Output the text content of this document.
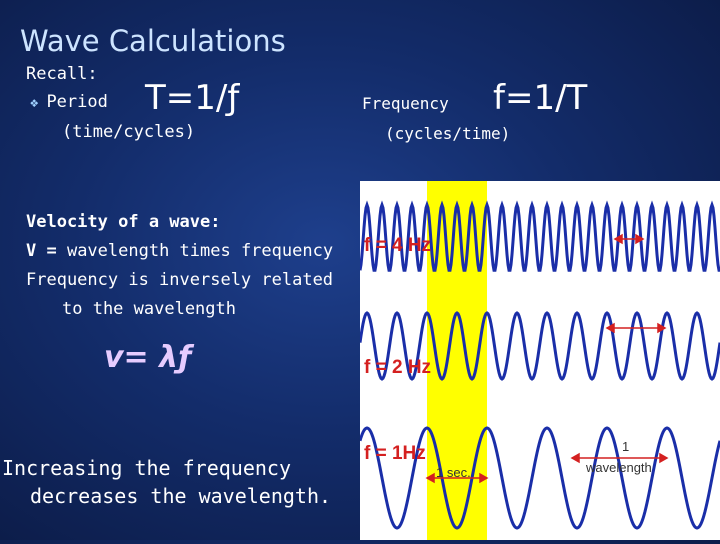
Wave Calculations
Recall:
❖ Period T=1/ƒ
(time/cycles)
Frequency f=1/T
(cycles/time)
Velocity of a wave:
V = wavelength times frequency
Frequency is inversely related
to the wavelength
v= λƒ
Increasing the frequency
decreases the wavelength.
f = 4 Hz
f = 2 Hz
f = 1Hz
1 sec.
1
wavelength
